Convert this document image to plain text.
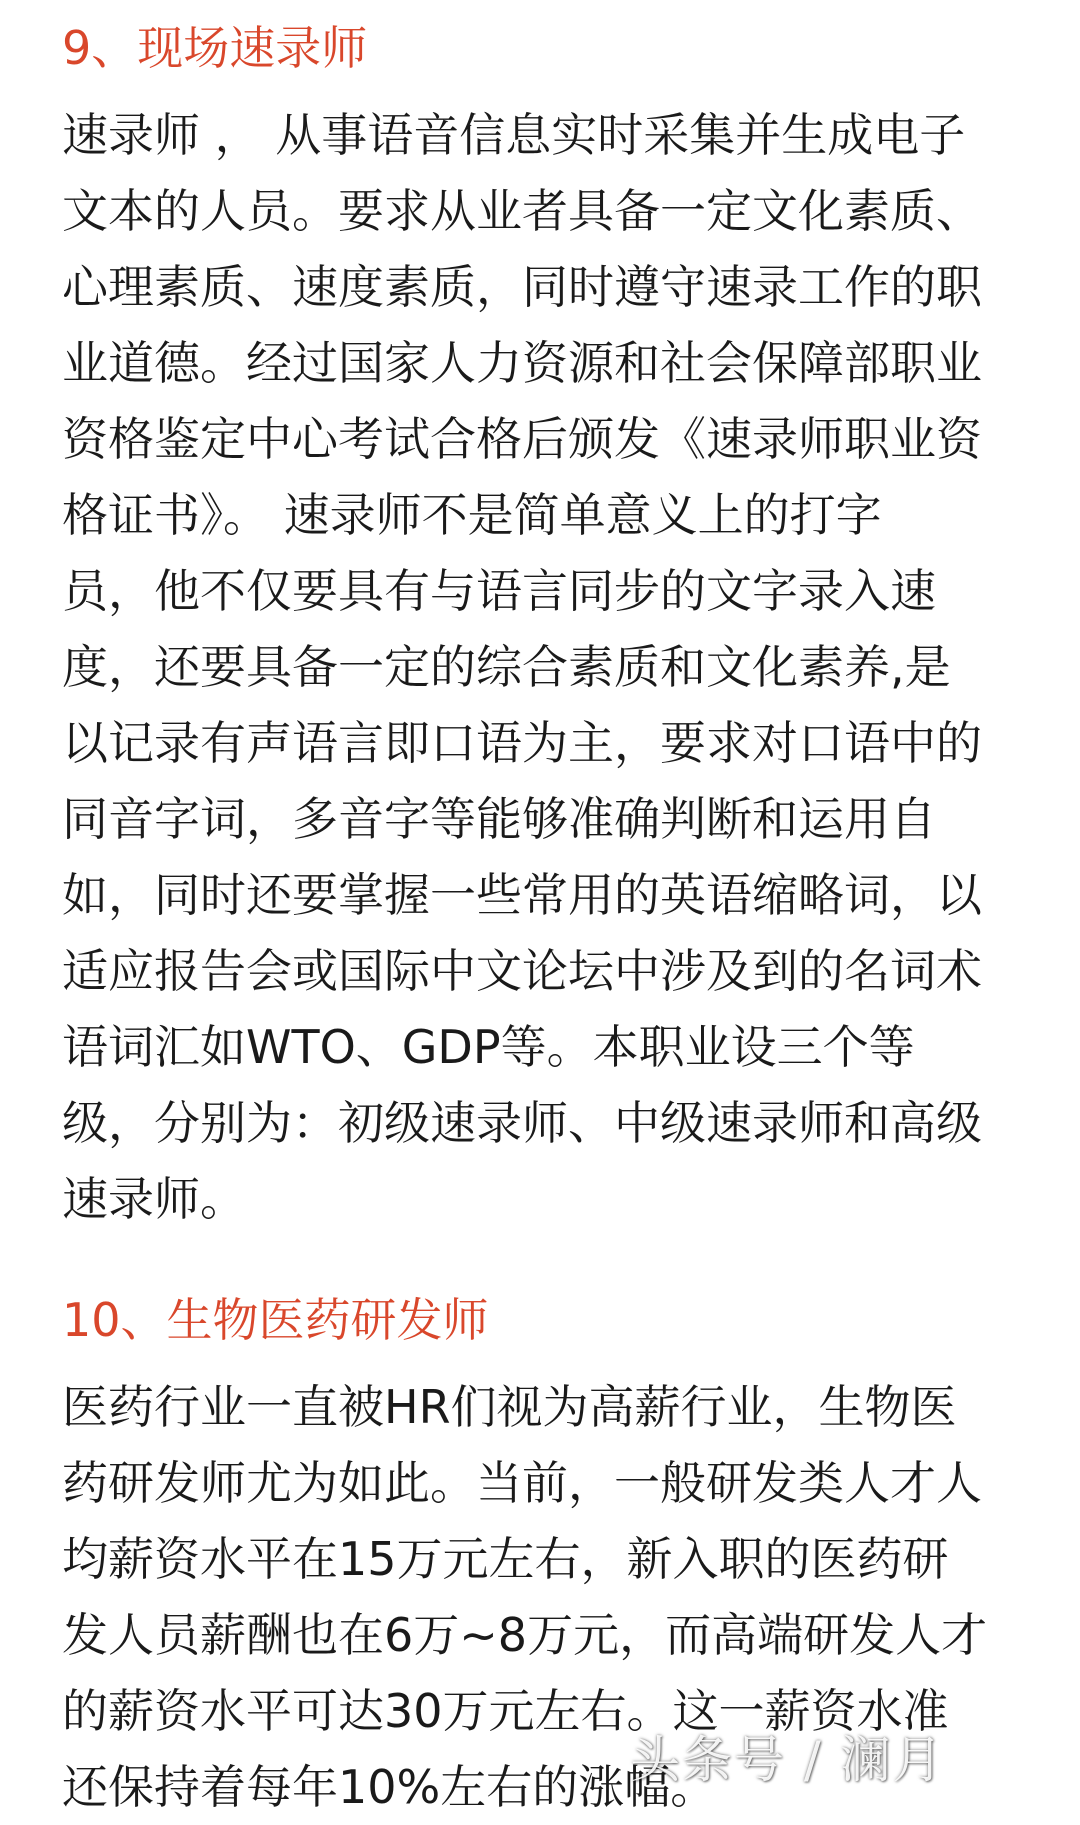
9、现场速录师
速录师 ， 从事语音信息实时采集并生成电子
文本的人员。要求从业者具备一定文化素质、
心理素质、速度素质，同时遵守速录工作的职
业道德。经过国家人力资源和社会保障部职业
资格鉴定中心考试合格后颁发《速录师职业资
格证书》。 速录师不是简单意义上的打字
员，他不仅要具有与语言同步的文字录入速
度，还要具备一定的综合素质和文化素养,是
以记录有声语言即口语为主，要求对口语中的
同音字词，多音字等能够准确判断和运用自
如，同时还要掌握一些常用的英语缩略词，以
适应报告会或国际中文论坛中涉及到的名词术
语词汇如WTO、GDP等。本职业设三个等
级，分别为：初级速录师、中级速录师和高级
速录师。
10、生物医药研发师
医药行业一直被HR们视为高薪行业，生物医
药研发师尤为如此。当前，一般研发类人才人
均薪资水平在15万元左右，新入职的医药研
发人员薪酬也在6万~8万元，而高端研发人才
的薪资水平可达30万元左右。这一薪资水准
还保持着每年10%左右的涨幅。
头条号 / 澜月
